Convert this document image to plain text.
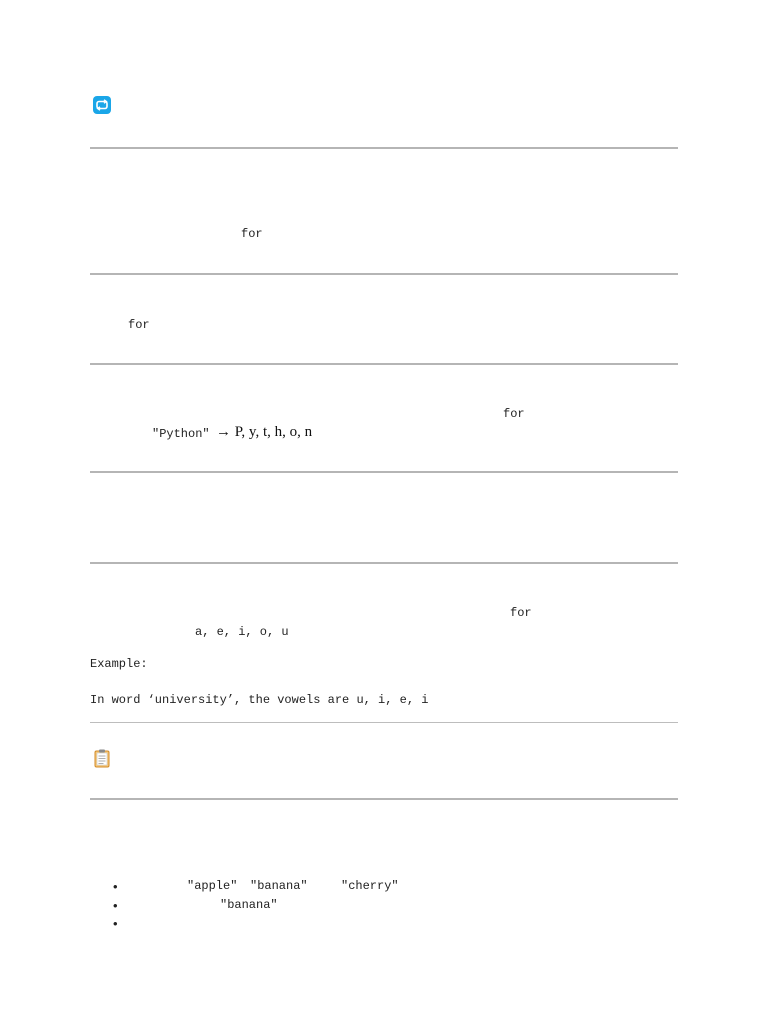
for
for
for
"Python" → P, y, t, h, o, n
for
a, e, i, o, u
Example:
In word ‘university’, the vowels are u, i, e, i
•	"apple" "banana"	"cherry"
•	"banana"
•
